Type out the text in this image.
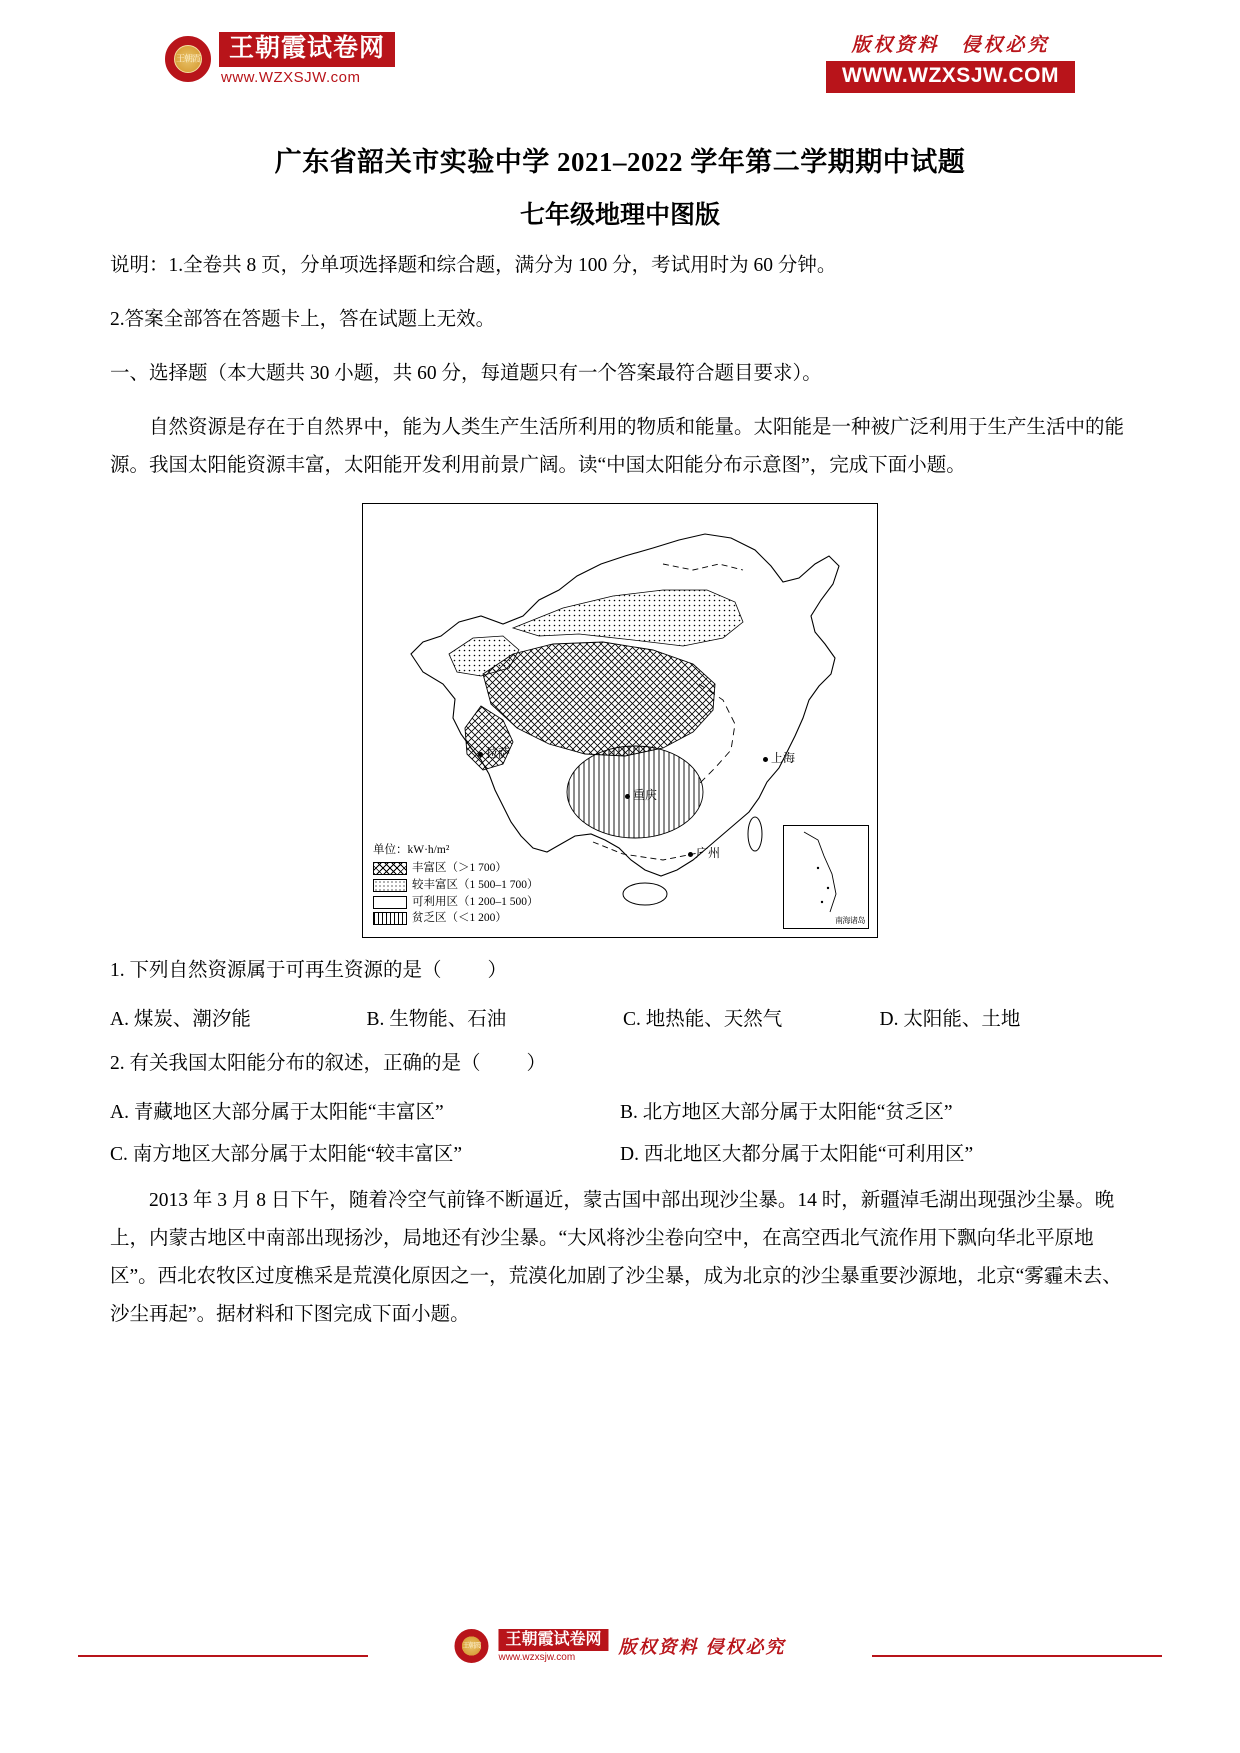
王朝霞	王朝霞试卷网
www.WZXSJW.com
版权资料　侵权必究
WWW.WZXSJW.COM
广东省韶关市实验中学 2021–2022 学年第二学期期中试题
七年级地理中图版
说明：1.全卷共 8 页，分单项选择题和综合题，满分为 100 分，考试用时为 60 分钟。
2.答案全部答在答题卡上，答在试题上无效。
一、选择题（本大题共 30 小题，共 60 分，每道题只有一个答案最符合题目要求）。
自然资源是存在于自然界中，能为人类生产生活所利用的物质和能量。太阳能是一种被广泛利用于生产生活中的能源。我国太阳能资源丰富，太阳能开发利用前景广阔。读“中国太阳能分布示意图”，完成下面小题。
拉萨
重庆
上海
广州
单位：kW·h/m²
丰富区（＞1 700）
较丰富区（1 500–1 700）
可利用区（1 200–1 500）
贫乏区（＜1 200）	南海诸岛
1. 下列自然资源属于可再生资源的是（ ）
A. 煤炭、潮汐能	B. 生物能、石油	C. 地热能、天然气	D. 太阳能、土地
2. 有关我国太阳能分布的叙述，正确的是（ ）
A. 青藏地区大部分属于太阳能“丰富区”	B. 北方地区大部分属于太阳能“贫乏区”
C. 南方地区大部分属于太阳能“较丰富区”	D. 西北地区大都分属于太阳能“可利用区”
2013 年 3 月 8 日下午，随着冷空气前锋不断逼近，蒙古国中部出现沙尘暴。14 时，新疆淖毛湖出现强沙尘暴。晚上，内蒙古地区中南部出现扬沙，局地还有沙尘暴。“大风将沙尘卷向空中，在高空西北气流作用下飘向华北平原地区”。西北农牧区过度樵采是荒漠化原因之一，荒漠化加剧了沙尘暴，成为北京的沙尘暴重要沙源地，北京“雾霾未去、沙尘再起”。据材料和下图完成下面小题。
王朝霞	王朝霞试卷网
www.wzxsjw.com
版权资料 侵权必究
